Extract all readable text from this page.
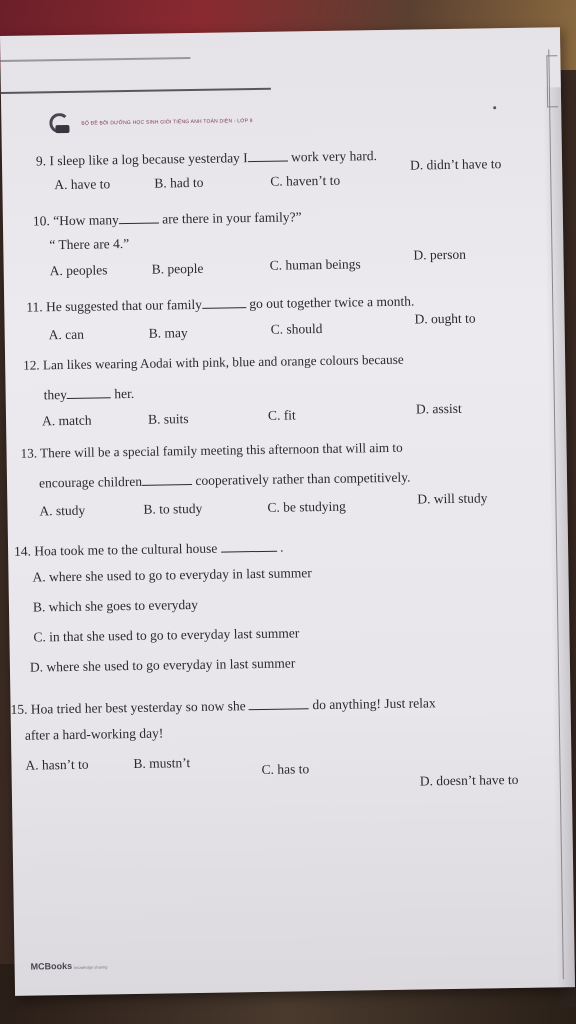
BỘ ĐỀ BỒI DƯỠNG HỌC SINH GIỎI TIẾNG ANH TOÀN DIỆN - LỚP 8
9. I sleep like a log because yesterday I	work very hard.
A. have to	B. had to	C. haven’t to
D. didn’t have to
10. “How many	are there in your family?”
“ There are 4.”
A. peoples	B. people	C. human beings
D. person
11. He suggested that our family	go out together twice a month.
A. can	B. may	C. should
D. ought to
12. Lan likes wearing Aodai with pink, blue and orange colours because
they	her.
A. match	B. suits	C. fit	D. assist
13. There will be a special family meeting this afternoon that will aim to
encourage children	cooperatively rather than competitively.
A. study	B. to study	C. be studying
D. will study
14. Hoa took me to the cultural house	.
A. where she used to go to everyday in last summer
B. which she goes to everyday
C. in that she used to go to everyday last summer
D. where she used to go everyday in last summer
15. Hoa tried her best yesterday so now she	do anything! Just relax
after a hard-working day!
A. hasn’t to	B. mustn’t	C. has to
D. doesn’t have to
MCBooks knowledge sharing
